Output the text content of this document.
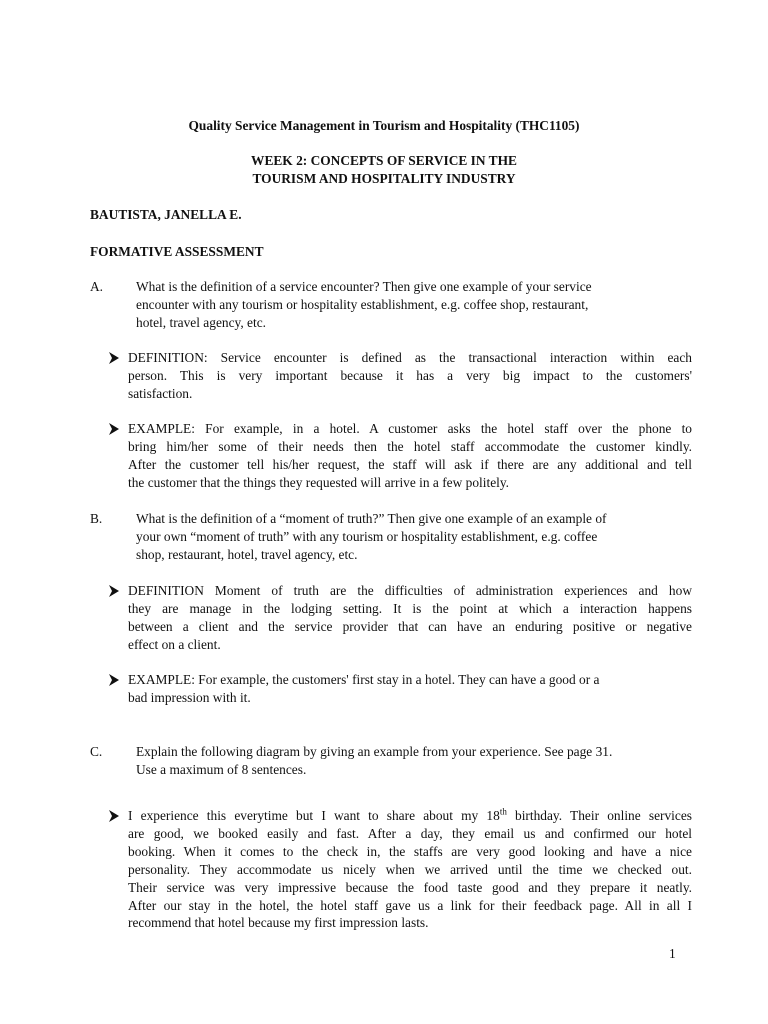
Quality Service Management in Tourism and Hospitality (THC1105)
WEEK 2: CONCEPTS OF SERVICE IN THE
TOURISM AND HOSPITALITY INDUSTRY
BAUTISTA, JANELLA E.
FORMATIVE ASSESSMENT
A. What is the definition of a service encounter? Then give one example of your service
encounter with any tourism or hospitality establishment, e.g. coffee shop, restaurant,
hotel, travel agency, etc.
DEFINITION: Service encounter is defined as the transactional interaction within each
person. This is very important because it has a very big impact to the customers'
satisfaction.
EXAMPLE: For example, in a hotel. A customer asks the hotel staff over the phone to
bring him/her some of their needs then the hotel staff accommodate the customer kindly.
After the customer tell his/her request, the staff will ask if there are any additional and tell
the customer that the things they requested will arrive in a few politely.
B.	What is the definition of a “moment of truth?” Then give one example of an example of
your own “moment of truth” with any tourism or hospitality establishment, e.g. coffee
shop, restaurant, hotel, travel agency, etc.
DEFINITION Moment of truth are the difficulties of administration experiences and how
they are manage in the lodging setting. It is the point at which a interaction happens
between a client and the service provider that can have an enduring positive or negative
effect on a client.
EXAMPLE: For example, the customers' first stay in a hotel. They can have a good or a
bad impression with it.
C.	Explain the following diagram by giving an example from your experience. See page 31.
Use a maximum of 8 sentences.
I experience this everytime but I want to share about my 18th birthday. Their online services
are good, we booked easily and fast. After a day, they email us and confirmed our hotel
booking. When it comes to the check in, the staffs are very good looking and have a nice
personality. They accommodate us nicely when we arrived until the time we checked out.
Their service was very impressive because the food taste good and they prepare it neatly.
After our stay in the hotel, the hotel staff gave us a link for their feedback page. All in all I
recommend that hotel because my first impression lasts.
1
